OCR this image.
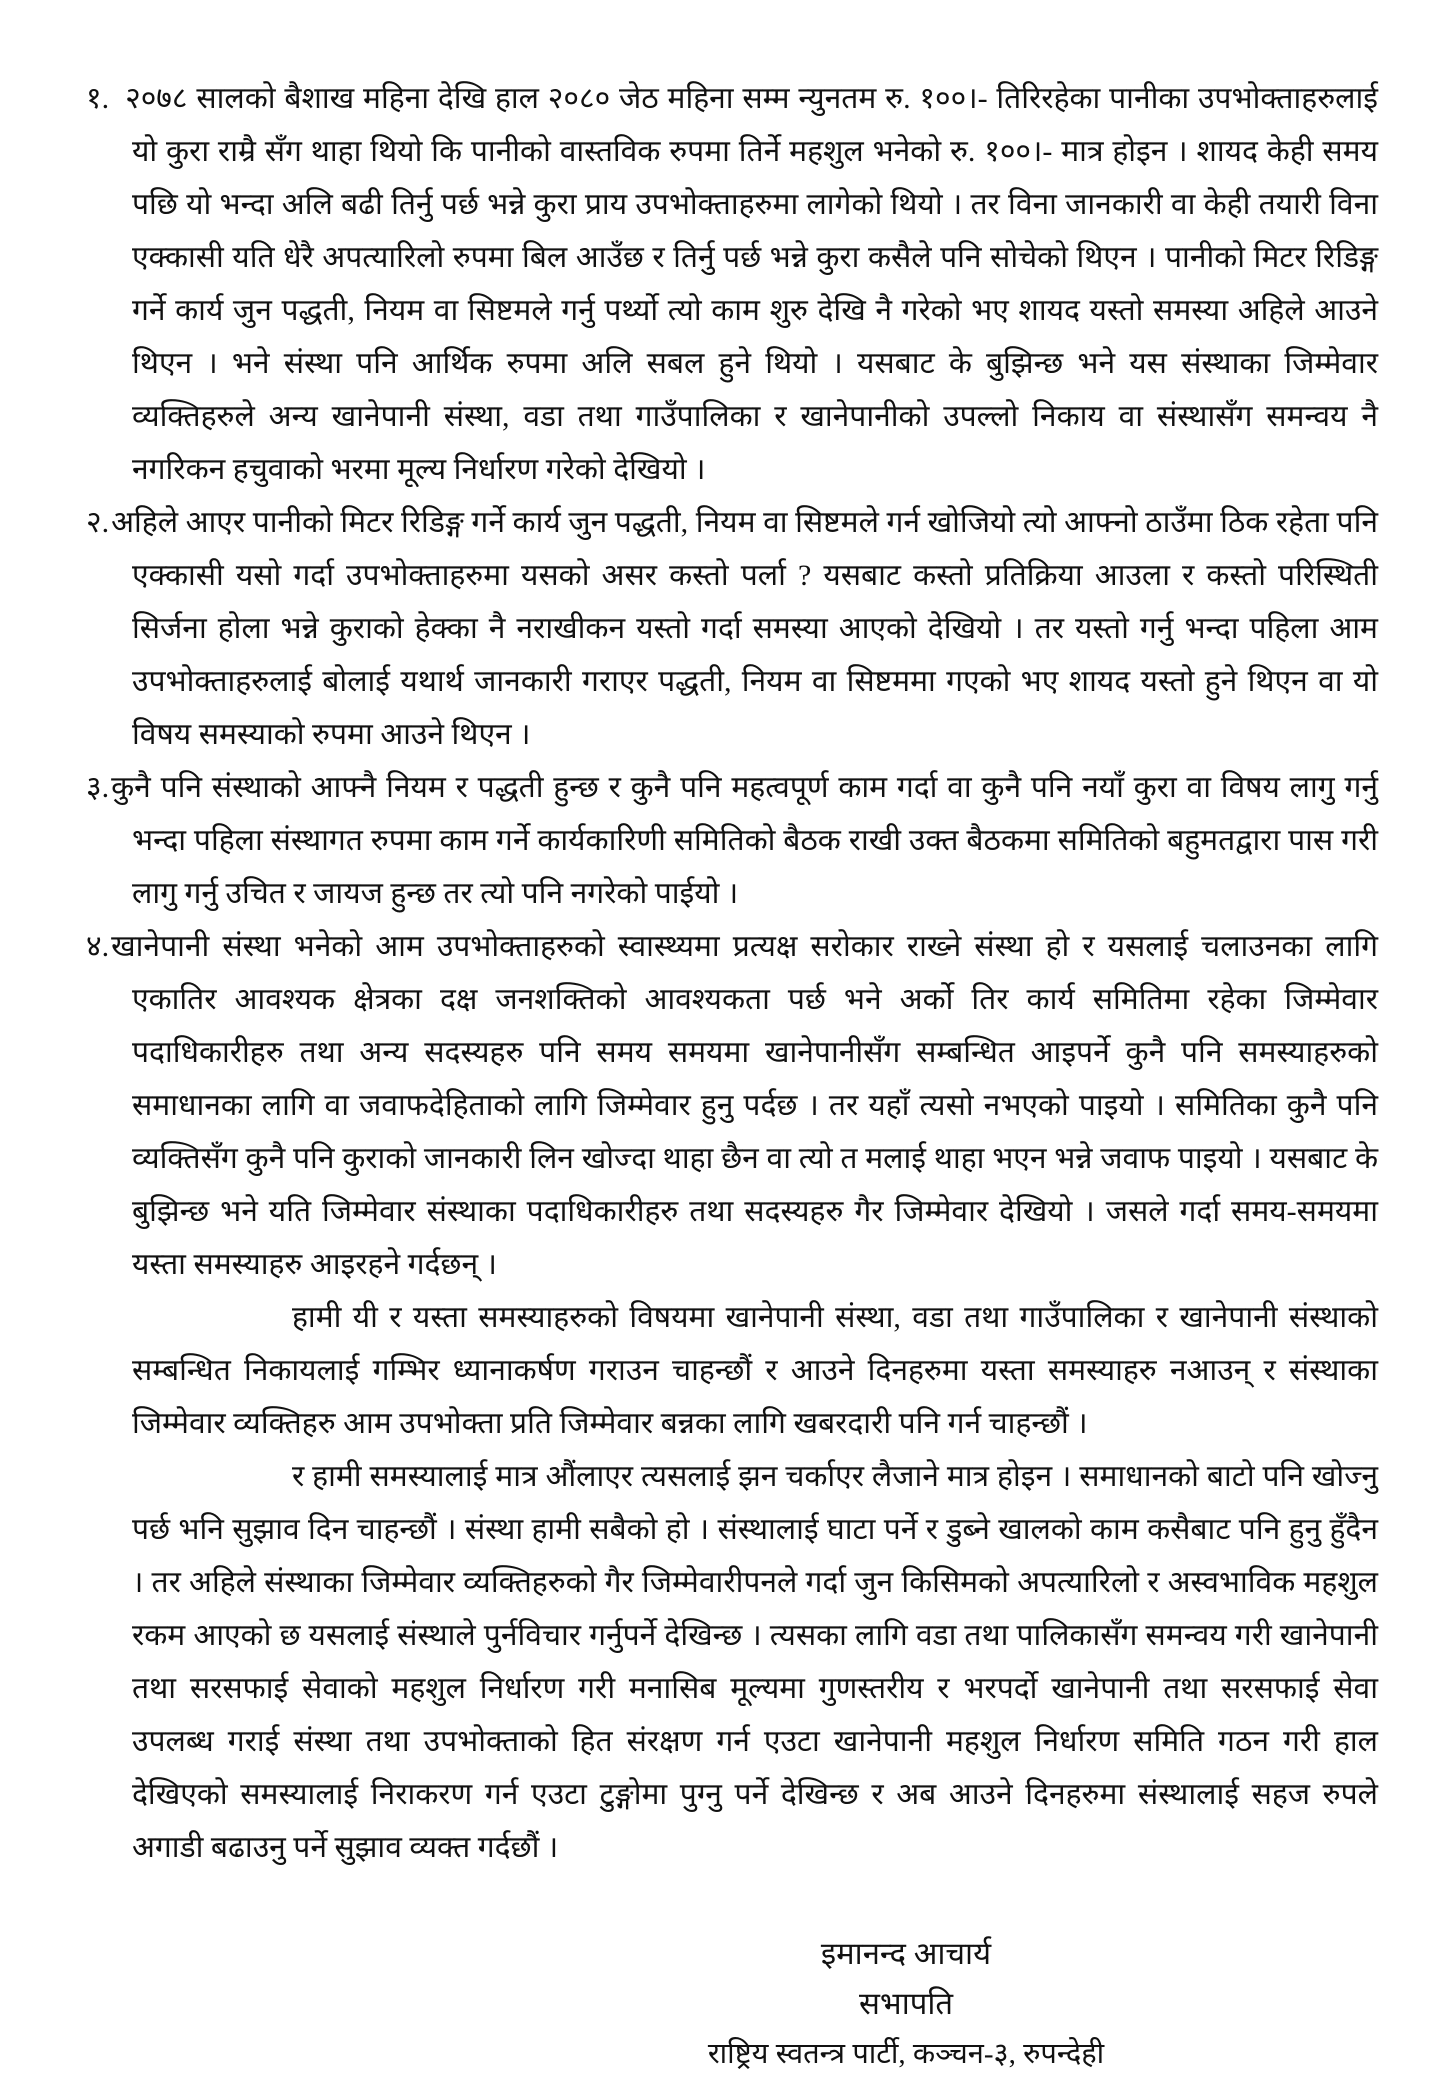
१. २०७८ सालको बैशाख महिना देखि हाल २०८० जेठ महिना सम्म न्युनतम रु. १००।- तिरिरहेका पानीका उपभोक्ताहरुलाई यो कुरा राम्रै सँग थाहा थियो कि पानीको वास्तविक रुपमा तिर्ने महशुल भनेको रु. १००।- मात्र होइन । शायद केही समय पछि यो भन्दा अलि बढी तिर्नु पर्छ भन्ने कुरा प्राय उपभोक्ताहरुमा लागेको थियो । तर विना जानकारी वा केही तयारी विना एक्कासी यति धेरै अपत्यारिलो रुपमा बिल आउँछ र तिर्नु पर्छ भन्ने कुरा कसैले पनि सोचेको थिएन । पानीको मिटर रिडिङ्ग गर्ने कार्य जुन पद्धती, नियम वा सिष्टमले गर्नु पर्थ्यो त्यो काम शुरु देखि नै गरेको भए शायद यस्तो समस्या अहिले आउने थिएन । भने संस्था पनि आर्थिक रुपमा अलि सबल हुने थियो । यसबाट के बुझिन्छ भने यस संस्थाका जिम्मेवार व्यक्तिहरुले अन्य खानेपानी संस्था, वडा तथा गाउँपालिका र खानेपानीको उपल्लो निकाय वा संस्थासँग समन्वय नै नगरिकन हचुवाको भरमा मूल्य निर्धारण गरेको देखियो ।
२.अहिले आएर पानीको मिटर रिडिङ्ग गर्ने कार्य जुन पद्धती, नियम वा सिष्टमले गर्न खोजियो त्यो आफ्नो ठाउँमा ठिक रहेता पनि एक्कासी यसो गर्दा उपभोक्ताहरुमा यसको असर कस्तो पर्ला ? यसबाट कस्तो प्रतिक्रिया आउला र कस्तो परिस्थिती सिर्जना होला भन्ने कुराको हेक्का नै नराखीकन यस्तो गर्दा समस्या आएको देखियो । तर यस्तो गर्नु भन्दा पहिला आम उपभोक्ताहरुलाई बोलाई यथार्थ जानकारी गराएर पद्धती, नियम वा सिष्टममा गएको भए शायद यस्तो हुने थिएन वा यो विषय समस्याको रुपमा आउने थिएन ।
३.कुनै पनि संस्थाको आफ्नै नियम र पद्धती हुन्छ र कुनै पनि महत्वपूर्ण काम गर्दा वा कुनै पनि नयाँ कुरा वा विषय लागु गर्नु भन्दा पहिला संस्थागत रुपमा काम गर्ने कार्यकारिणी समितिको बैठक राखी उक्त बैठकमा समितिको बहुमतद्वारा पास गरी लागु गर्नु उचित र जायज हुन्छ तर त्यो पनि नगरेको पाईयो ।
४.खानेपानी संस्था भनेको आम उपभोक्ताहरुको स्वास्थ्यमा प्रत्यक्ष सरोकार राख्ने संस्था हो र यसलाई चलाउनका लागि एकातिर आवश्यक क्षेत्रका दक्ष जनशक्तिको आवश्यकता पर्छ भने अर्को तिर कार्य समितिमा रहेका जिम्मेवार पदाधिकारीहरु तथा अन्य सदस्यहरु पनि समय समयमा खानेपानीसँग सम्बन्धित आइपर्ने कुनै पनि समस्याहरुको समाधानका लागि वा जवाफदेहिताको लागि जिम्मेवार हुनु पर्दछ । तर यहाँ त्यसो नभएको पाइयो । समितिका कुनै पनि व्यक्तिसँग कुनै पनि कुराको जानकारी लिन खोज्दा थाहा छैन वा त्यो त मलाई थाहा भएन भन्ने जवाफ पाइयो । यसबाट के बुझिन्छ भने यति जिम्मेवार संस्थाका पदाधिकारीहरु तथा सदस्यहरु गैर जिम्मेवार देखियो । जसले गर्दा समय-समयमा यस्ता समस्याहरु आइरहने गर्दछन् ।
हामी यी र यस्ता समस्याहरुको विषयमा खानेपानी संस्था, वडा तथा गाउँपालिका र खानेपानी संस्थाको सम्बन्धित निकायलाई गम्भिर ध्यानाकर्षण गराउन चाहन्छौं र आउने दिनहरुमा यस्ता समस्याहरु नआउन् र संस्थाका जिम्मेवार व्यक्तिहरु आम उपभोक्ता प्रति जिम्मेवार बन्नका लागि खबरदारी पनि गर्न चाहन्छौं ।
र हामी समस्यालाई मात्र औंलाएर त्यसलाई झन चर्काएर लैजाने मात्र होइन । समाधानको बाटो पनि खोज्नु पर्छ भनि सुझाव दिन चाहन्छौं । संस्था हामी सबैको हो । संस्थालाई घाटा पर्ने र डुब्ने खालको काम कसैबाट पनि हुनु हुँदैन । तर अहिले संस्थाका जिम्मेवार व्यक्तिहरुको गैर जिम्मेवारीपनले गर्दा जुन किसिमको अपत्यारिलो र अस्वभाविक महशुल रकम आएको छ यसलाई संस्थाले पुर्नविचार गर्नुपर्ने देखिन्छ । त्यसका लागि वडा तथा पालिकासँग समन्वय गरी खानेपानी तथा सरसफाई सेवाको महशुल निर्धारण गरी मनासिब मूल्यमा गुणस्तरीय र भरपर्दो खानेपानी तथा सरसफाई सेवा उपलब्ध गराई संस्था तथा उपभोक्ताको हित संरक्षण गर्न एउटा खानेपानी महशुल निर्धारण समिति गठन गरी हाल देखिएको समस्यालाई निराकरण गर्न एउटा टुङ्गोमा पुग्नु पर्ने देखिन्छ र अब आउने दिनहरुमा संस्थालाई सहज रुपले अगाडी बढाउनु पर्ने सुझाव व्यक्त गर्दछौं ।
इमानन्द आचार्य
सभापति
राष्ट्रिय स्वतन्त्र पार्टी, कञ्चन-३, रुपन्देही
